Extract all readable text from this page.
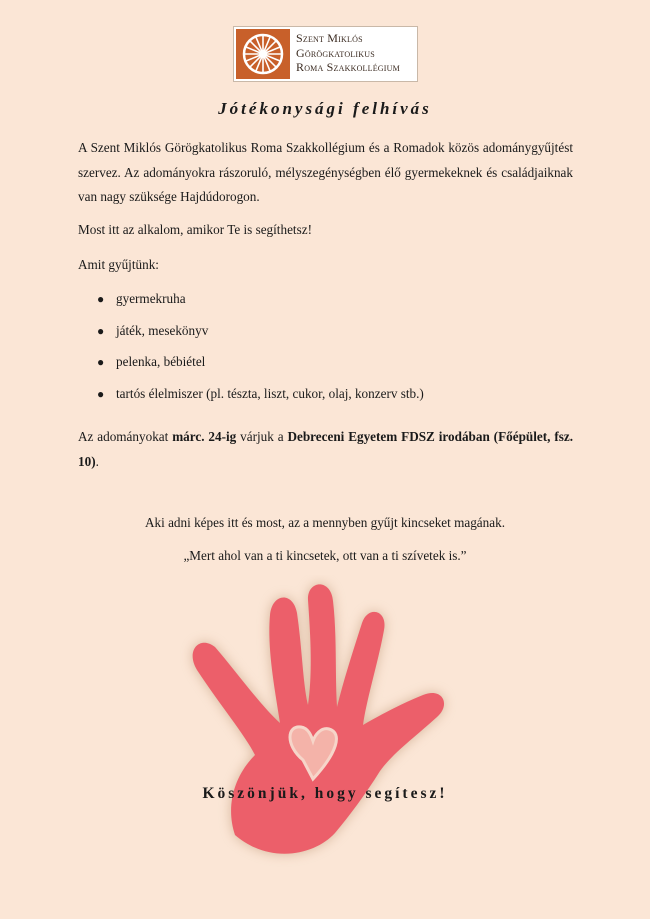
Szent Miklós
Görögkatolikus
Roma Szakkollégium
Jótékonysági felhívás
A Szent Miklós Görögkatolikus Roma Szakkollégium és a Romadok közös adománygyűjtést szervez. Az adományokra rászoruló, mélyszegénységben élő gyermekeknek és családjaiknak van nagy szüksége Hajdúdorogon.
Most itt az alkalom, amikor Te is segíthetsz!
Amit gyűjtünk:
● gyermekruha
● játék, mesekönyv
● pelenka, bébiétel
● tartós élelmiszer (pl. tészta, liszt, cukor, olaj, konzerv stb.)
Az adományokat márc. 24-ig várjuk a Debreceni Egyetem FDSZ irodában (Főépület, fsz. 10).
Aki adni képes itt és most, az a mennyben gyűjt kincseket magának.
„Mert ahol van a ti kincsetek, ott van a ti szívetek is.”
Köszönjük, hogy segítesz!
